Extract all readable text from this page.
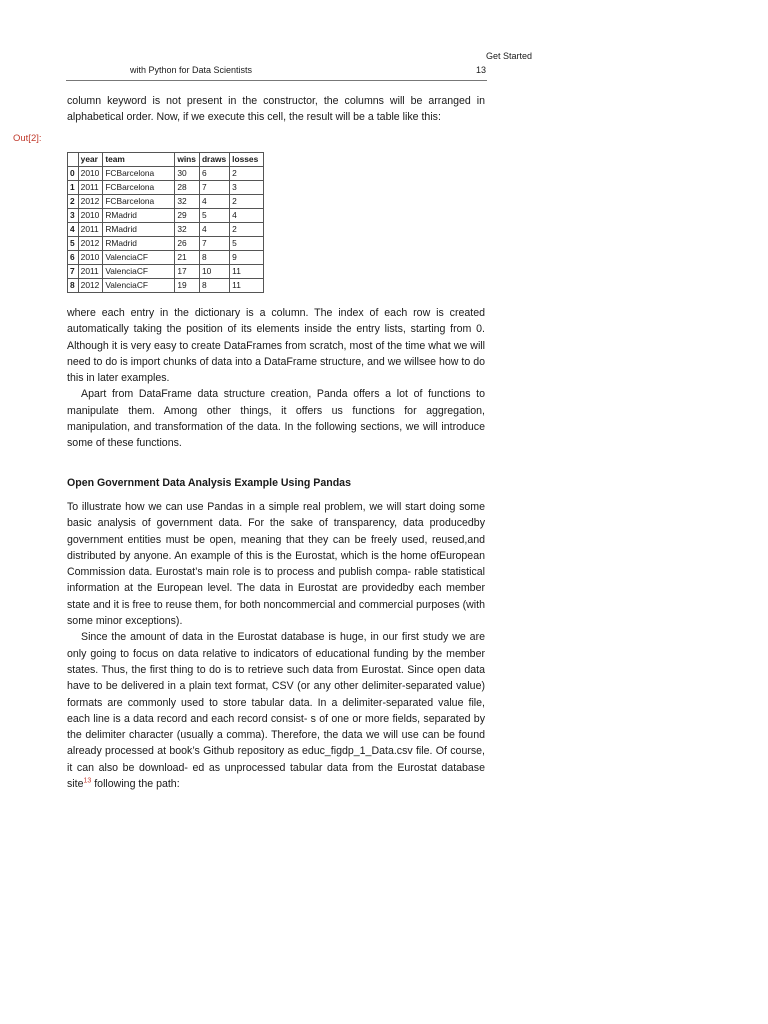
Get Started
with Python for Data Scientists	13

column keyword is not present in the constructor, the columns will be arranged in alphabetical order. Now, if we execute this cell, the result will be a table like this:

Out[2]:
	year	team	wins	draws	losses
0	2010	FCBarcelona	30	6	2
1	2011	FCBarcelona	28	7	3
2	2012	FCBarcelona	32	4	2
3	2010	RMadrid	29	5	4
4	2011	RMadrid	32	4	2
5	2012	RMadrid	26	7	5
6	2010	ValenciaCF	21	8	9
7	2011	ValenciaCF	17	10	11
8	2012	ValenciaCF	19	8	11

where each entry in the dictionary is a column. The index of each row is created automatically taking the position of its elements inside the entry lists, starting from 0. Although it is very easy to create DataFrames from scratch, most of the time what we will need to do is import chunks of data into a DataFrame structure, and we willsee how to do this in later examples.

Apart from DataFrame data structure creation, Panda offers a lot of functions to manipulate them. Among other things, it offers us functions for aggregation, manipulation, and transformation of the data. In the following sections, we will introduce some of these functions.

Open Government Data Analysis Example Using Pandas

To illustrate how we can use Pandas in a simple real problem, we will start doing some basic analysis of government data. For the sake of transparency, data producedby government entities must be open, meaning that they can be freely used, reused,and distributed by anyone. An example of this is the Eurostat, which is the home ofEuropean Commission data. Eurostat’s main role is to process and publish compa- rable statistical information at the European level. The data in Eurostat are providedby each member state and it is free to reuse them, for both noncommercial and commercial purposes (with some minor exceptions).

Since the amount of data in the Eurostat database is huge, in our first study we are only going to focus on data relative to indicators of educational funding by the member states. Thus, the first thing to do is to retrieve such data from Eurostat. Since open data have to be delivered in a plain text format, CSV (or any other delimiter-separated value) formats are commonly used to store tabular data. In a delimiter-separated value file, each line is a data record and each record consist- s of one or more fields, separated by the delimiter character (usually a comma). Therefore, the data we will use can be found already processed at book’s Github repository as educ_figdp_1_Data.csv file. Of course, it can also be download- ed as unprocessed tabular data from the Eurostat database site$^{13}$ following the path:
